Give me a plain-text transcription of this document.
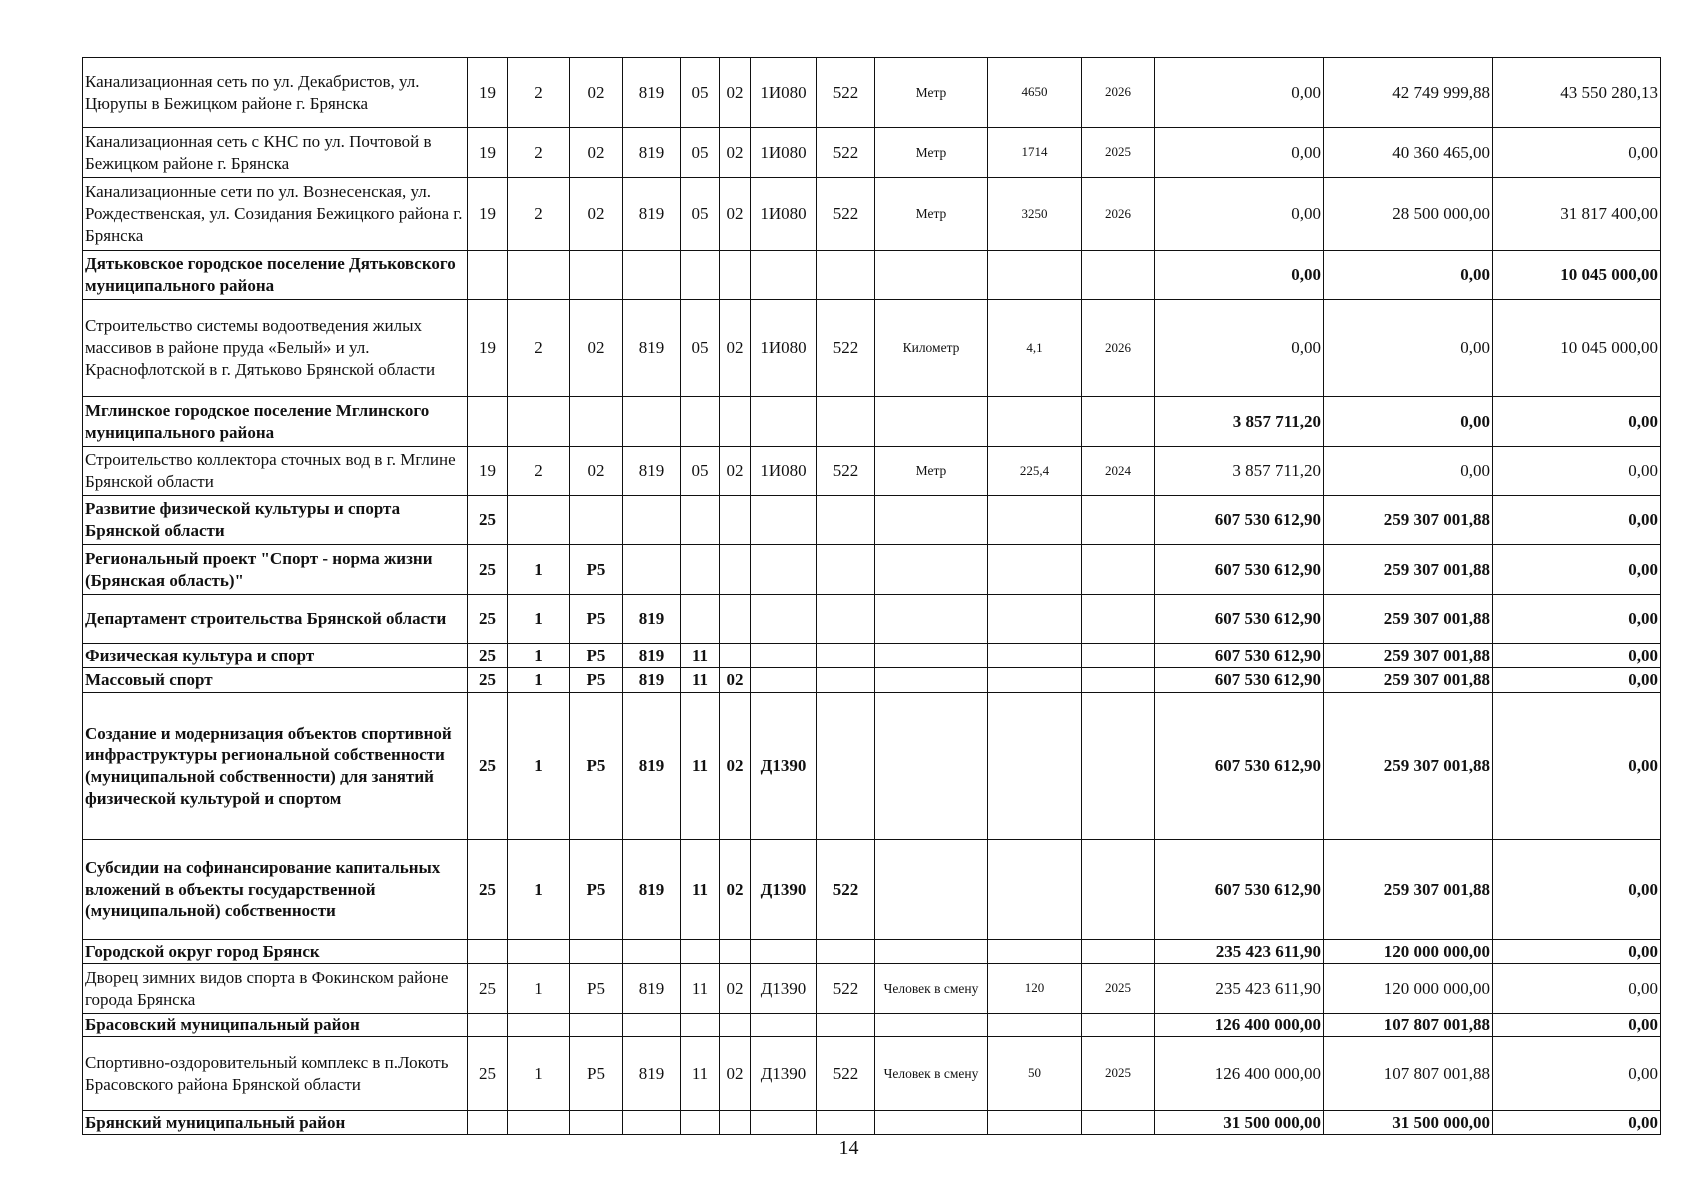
Канализационная сеть по ул. Декабристов, ул. Цюрупы в Бежицком районе г. Брянска	19	2	02	819	05	02	1И080	522	Метр	4650	2026	0,00	42 749 999,88	43 550 280,13
Канализационная сеть с КНС по ул. Почтовой в Бежицком районе г. Брянска	19	2	02	819	05	02	1И080	522	Метр	1714	2025	0,00	40 360 465,00	0,00
Канализационные сети по ул. Вознесенская, ул. Рождественская, ул. Созидания Бежицкого района г. Брянска	19	2	02	819	05	02	1И080	522	Метр	3250	2026	0,00	28 500 000,00	31 817 400,00
Дятьковское городское поселение Дятьковского муниципального района												0,00	0,00	10 045 000,00
Строительство системы водоотведения жилых массивов в районе пруда «Белый» и ул. Краснофлотской в г. Дятьково Брянской области	19	2	02	819	05	02	1И080	522	Километр	4,1	2026	0,00	0,00	10 045 000,00
Мглинское городское поселение Мглинского муниципального района												3 857 711,20	0,00	0,00
Строительство коллектора сточных вод в г. Мглине Брянской области	19	2	02	819	05	02	1И080	522	Метр	225,4	2024	3 857 711,20	0,00	0,00
Развитие физической культуры и спорта Брянской области	25											607 530 612,90	259 307 001,88	0,00
Региональный проект "Спорт - норма жизни (Брянская область)"	25	1	Р5									607 530 612,90	259 307 001,88	0,00
Департамент строительства Брянской области	25	1	Р5	819								607 530 612,90	259 307 001,88	0,00
Физическая культура и спорт	25	1	Р5	819	11							607 530 612,90	259 307 001,88	0,00
Массовый спорт	25	1	Р5	819	11	02						607 530 612,90	259 307 001,88	0,00
Создание и модернизация объектов спортивной инфраструктуры региональной собственности (муниципальной собственности) для занятий физической культурой и спортом	25	1	Р5	819	11	02	Д1390					607 530 612,90	259 307 001,88	0,00
Субсидии на софинансирование капитальных вложений в объекты государственной (муниципальной) собственности	25	1	Р5	819	11	02	Д1390	522				607 530 612,90	259 307 001,88	0,00
Городской округ город Брянск												235 423 611,90	120 000 000,00	0,00
Дворец зимних видов спорта в Фокинском районе города Брянска	25	1	Р5	819	11	02	Д1390	522	Человек в смену	120	2025	235 423 611,90	120 000 000,00	0,00
Брасовский муниципальный район												126 400 000,00	107 807 001,88	0,00
Спортивно-оздоровительный комплекс в п.Локоть Брасовского района Брянской области	25	1	Р5	819	11	02	Д1390	522	Человек в смену	50	2025	126 400 000,00	107 807 001,88	0,00
Брянский муниципальный район												31 500 000,00	31 500 000,00	0,00
14
